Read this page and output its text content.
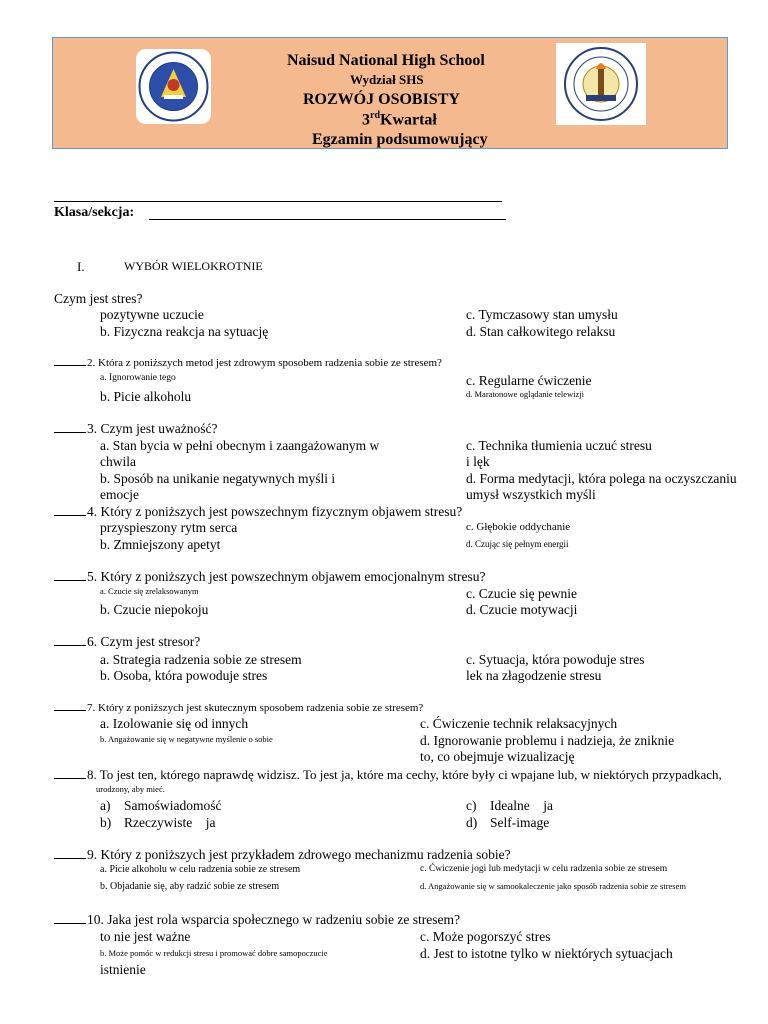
Naisud National High School
Wydział SHS
ROZWÓJ OSOBISTY
3rdKwartał
Egzamin podsumowujący
Klasa/sekcja:
I.	WYBÓR WIELOKROTNIE
Czym jest stres?
pozytywne uczucie
b. Fizyczna reakcja na sytuację
c. Tymczasowy stan umysłu
d. Stan całkowitego relaksu
2. Która z poniższych metod jest zdrowym sposobem radzenia sobie ze stresem?
a. Ignorowanie tego
b. Picie alkoholu
c. Regularne ćwiczenie
d. Maratonowe oglądanie telewizji
3. Czym jest uważność?
a. Stan bycia w pełni obecnym i zaangażowanym w
chwila
b. Sposób na unikanie negatywnych myśli i
emocje
c. Technika tłumienia uczuć stresu
i lęk
d. Forma medytacji, która polega na oczyszczaniu
umysł wszystkich myśli
4. Który z poniższych jest powszechnym fizycznym objawem stresu?
przyspieszony rytm serca
b. Zmniejszony apetyt
c. Głębokie oddychanie
d. Czując się pełnym energii
5. Który z poniższych jest powszechnym objawem emocjonalnym stresu?
a. Czucie się zrelaksowanym
b. Czucie niepokoju
c. Czucie się pewnie
d. Czucie motywacji
6. Czym jest stresor?
a. Strategia radzenia sobie ze stresem
b. Osoba, która powoduje stres
c. Sytuacja, która powoduje stres
lek na złagodzenie stresu
7. Który z poniższych jest skutecznym sposobem radzenia sobie ze stresem?
a. Izolowanie się od innych
b. Angażowanie się w negatywne myślenie o sobie
c. Ćwiczenie technik relaksacyjnych
d. Ignorowanie problemu i nadzieja, że zniknie
to, co obejmuje wizualizację
8. To jest ten, którego naprawdę widzisz. To jest ja, które ma cechy, które były ci wpajane lub, w niektórych przypadkach,
urodzony, aby mieć.
a) Samoświadomość
b) Rzeczywiste    ja
c) Idealne    ja
d) Self-image
9. Który z poniższych jest przykładem zdrowego mechanizmu radzenia sobie?
a. Picie alkoholu w celu radzenia sobie ze stresem
b. Objadanie się, aby radzić sobie ze stresem
c. Ćwiczenie jogi lub medytacji w celu radzenia sobie ze stresem
d. Angażowanie się w samookaleczenie jako sposób radzenia sobie ze stresem
10. Jaka jest rola wsparcia społecznego w radzeniu sobie ze stresem?
to nie jest ważne
b. Może pomóc w redukcji stresu i promować dobre samopoczucie
istnienie
c. Może pogorszyć stres
d. Jest to istotne tylko w niektórych sytuacjach
